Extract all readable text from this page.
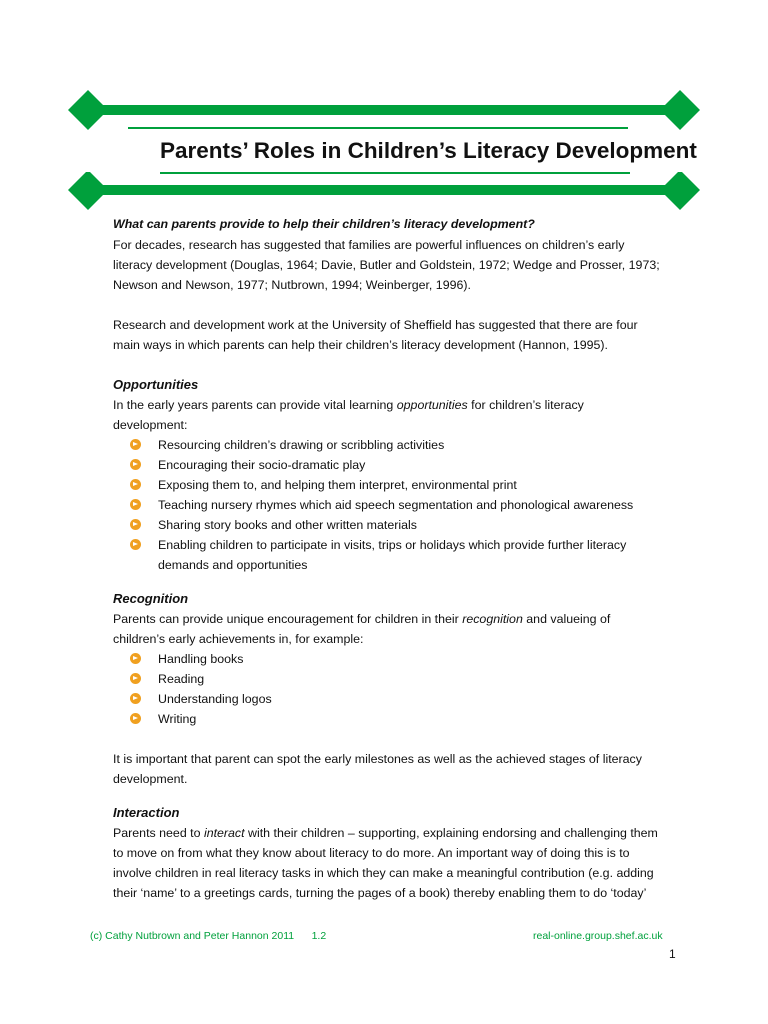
Parents’ Roles in Children’s Literacy Development

What can parents provide to help their children’s literacy development?

For decades, research has suggested that families are powerful influences on children’s early

literacy development (Douglas, 1964; Davie, Butler and Goldstein, 1972; Wedge and Prosser, 1973;

Newson and Newson, 1977; Nutbrown, 1994; Weinberger, 1996).

Research and development work at the University of Sheffield has suggested that there are four

main ways in which parents can help their children’s literacy development (Hannon, 1995).

Opportunities

In the early years parents can provide vital learning opportunities for children’s literacy

development:

Resourcing children’s drawing or scribbling activities
Encouraging their socio-dramatic play
Exposing them to, and helping them interpret, environmental print
Teaching nursery rhymes which aid speech segmentation and phonological awareness
Sharing story books and other written materials
Enabling children to participate in visits, trips or holidays which provide further literacy
demands and opportunities

Recognition

Parents can provide unique encouragement for children in their recognition and valueing of

children’s early achievements in, for example:

Handling books
Reading
Understanding logos
Writing

It is important that parent can spot the early milestones as well as the achieved stages of literacy

development.

Interaction

Parents need to interact with their children – supporting, explaining endorsing and challenging them

to move on from what they know about literacy to do more. An important way of doing this is to

involve children in real literacy tasks in which they can make a meaningful contribution (e.g. adding

their ‘name’ to a greetings cards, turning the pages of a book) thereby enabling them to do ‘today’

(c) Cathy Nutbrown and Peter Hannon 2011      1.2	real-online.group.shef.ac.uk
1
